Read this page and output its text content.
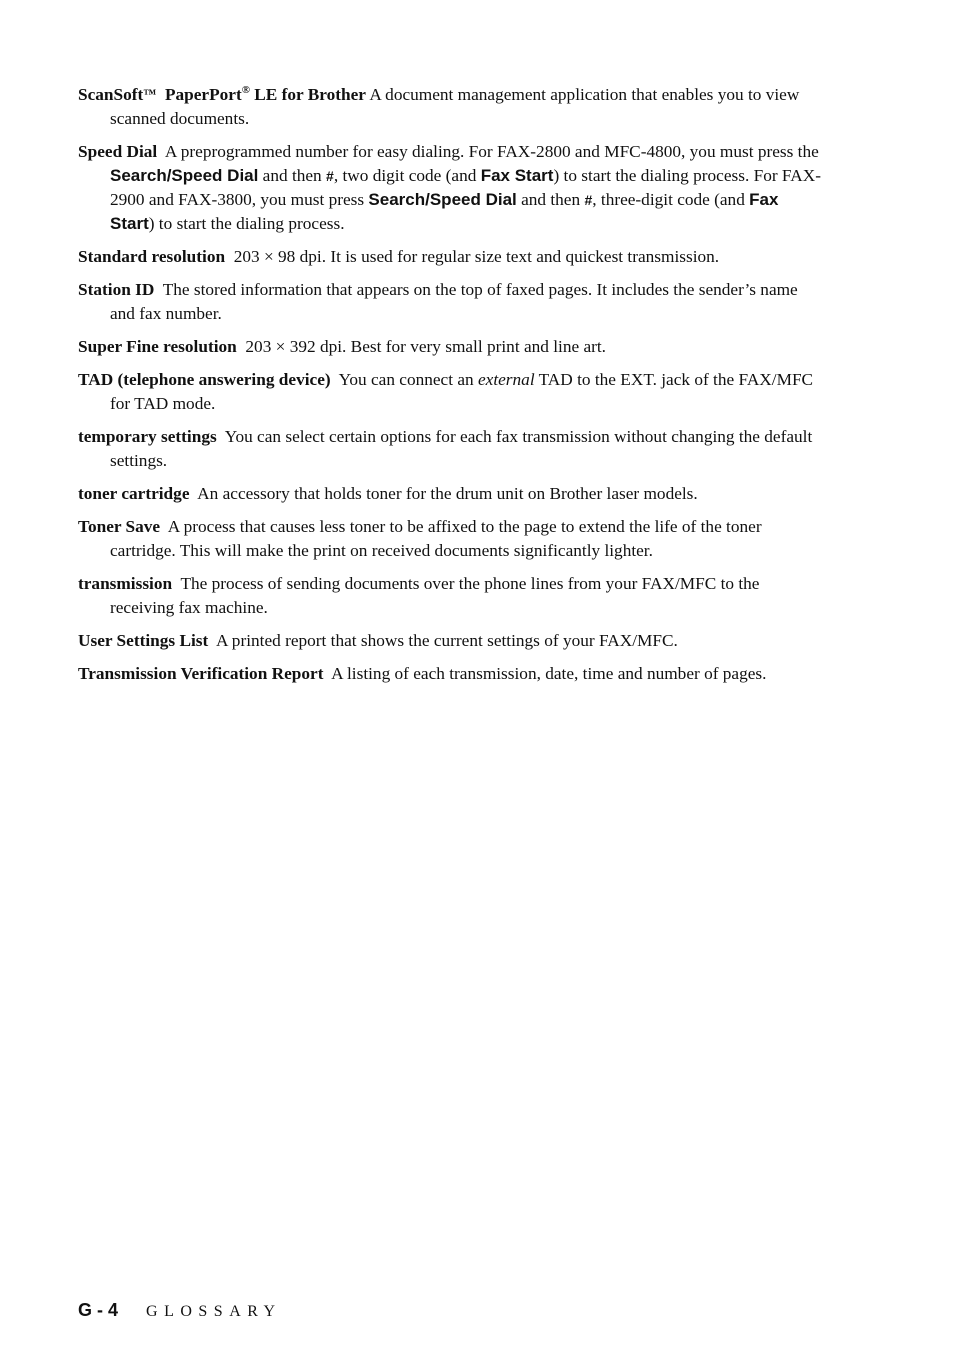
ScanSoft™ PaperPort® LE for Brother A document management application that enables you to view scanned documents.

Speed Dial A preprogrammed number for easy dialing. For FAX-2800 and MFC-4800, you must press the Search/Speed Dial and then #, two digit code (and Fax Start) to start the dialing process. For FAX-2900 and FAX-3800, you must press Search/Speed Dial and then #, three-digit code (and Fax Start) to start the dialing process.

Standard resolution 203 × 98 dpi. It is used for regular size text and quickest transmission.

Station ID The stored information that appears on the top of faxed pages. It includes the sender’s name and fax number.

Super Fine resolution 203 × 392 dpi. Best for very small print and line art.

TAD (telephone answering device) You can connect an external TAD to the EXT. jack of the FAX/MFC for TAD mode.

temporary settings You can select certain options for each fax transmission without changing the default settings.

toner cartridge An accessory that holds toner for the drum unit on Brother laser models.

Toner Save A process that causes less toner to be affixed to the page to extend the life of the toner cartridge. This will make the print on received documents significantly lighter.

transmission The process of sending documents over the phone lines from your FAX/MFC to the receiving fax machine.

User Settings List A printed report that shows the current settings of your FAX/MFC.

Transmission Verification Report A listing of each transmission, date, time and number of pages.

G - 4 GLOSSARY
